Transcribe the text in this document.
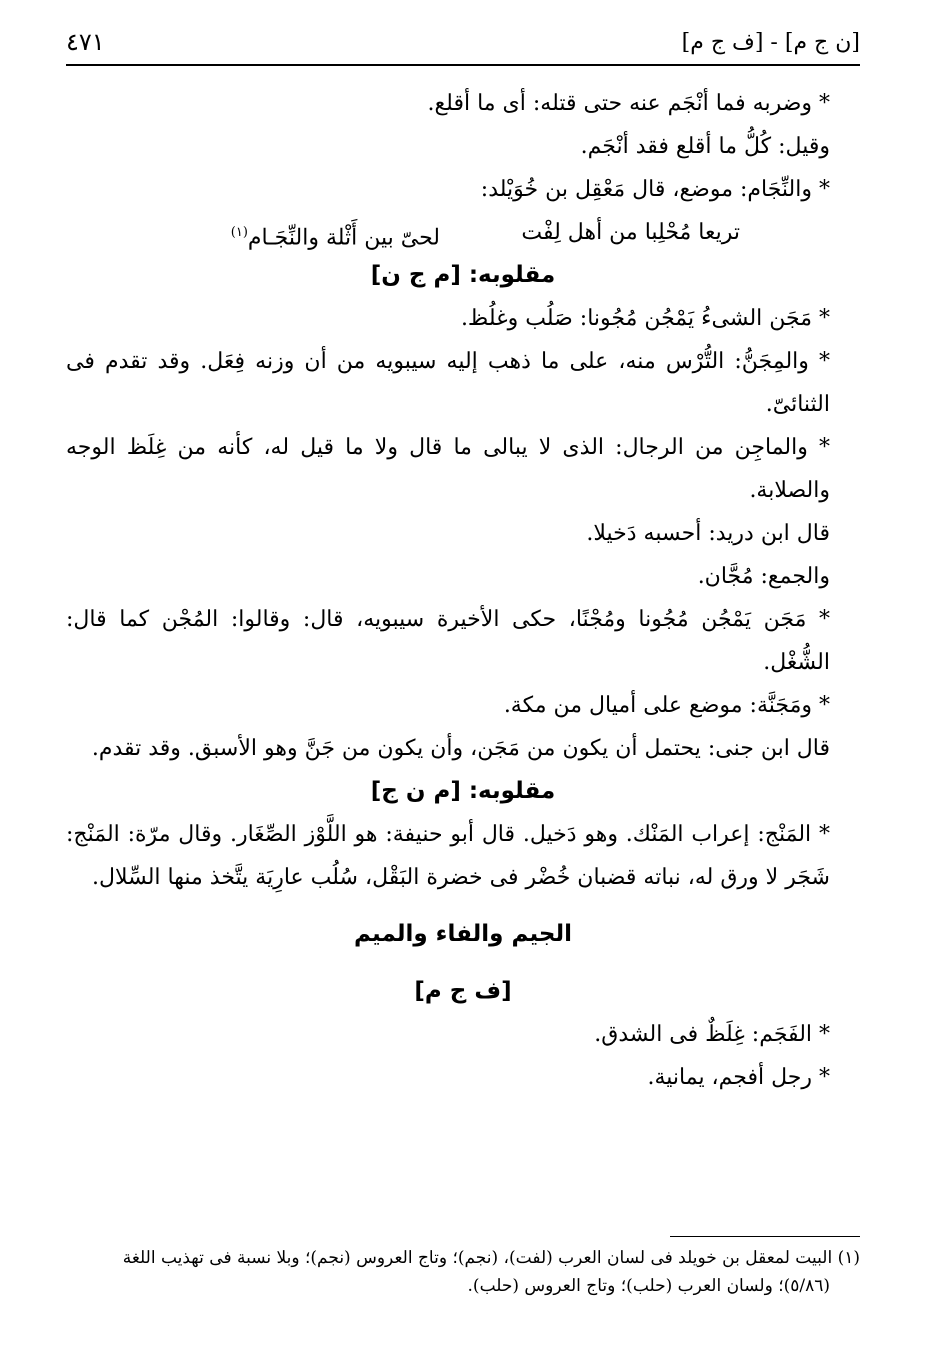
[ن ج م] - [ف ج م]
٤٧١

* وضربه فما أنْجَم عنه حتى قتله: أى ما أقلع.

وقيل: كُلُّ ما أقلع فقد أنْجَم.

* والنِّجَام: موضع، قال مَعْقِل بن خُوَيْلد:

تريعا مُحْلِبا من أهل لِفْت
لحىّ بين أَثْلة والنِّجَـام$^{(١)}$

مقلوبه: [م ج ن]

* مَجَن الشىءُ يَمْجُن مُجُونا: صَلُب وغلُظ.

* والمِجَنُّ: التُّرْس منه، على ما ذهب إليه سيبويه من أن وزنه فِعَل. وقد تقدم فى الثنائىّ.

* والماجِن من الرجال: الذى لا يبالى ما قال ولا ما قيل له، كأنه من غِلَظ الوجه والصلابة.

قال ابن دريد: أحسبه دَخيلا.

والجمع: مُجَّان.

* مَجَن يَمْجُن مُجُونا ومُجْنًا، حكى الأخيرة سيبويه، قال: وقالوا: المُجْن كما قال: الشُّغْل.

* ومَجَنَّة: موضع على أميال من مكة.

قال ابن جنى: يحتمل أن يكون من مَجَن، وأن يكون من جَنَّ وهو الأسبق. وقد تقدم.

مقلوبه: [م ن ج]

* المَنْج: إعراب المَنْك. وهو دَخيل. قال أبو حنيفة: هو اللَّوْز الصِّغَار. وقال مرّة: المَنْج: شَجَر لا ورق له، نباته قضبان خُضْر فى خضرة البَقْل، سُلُب عارِيَة يتَّخذ منها السِّلال.

الجيم والفاء والميم

[ف ج م]

* الفَجَم: غِلَظٌ فى الشدق.

* رجل أفجم، يمانية.

(١) البيت لمعقل بن خويلد فى لسان العرب (لفت)، (نجم)؛ وتاج العروس (نجم)؛ وبلا نسبة فى تهذيب اللغة
(٥/٨٦)؛ ولسان العرب (حلب)؛ وتاج العروس (حلب).
